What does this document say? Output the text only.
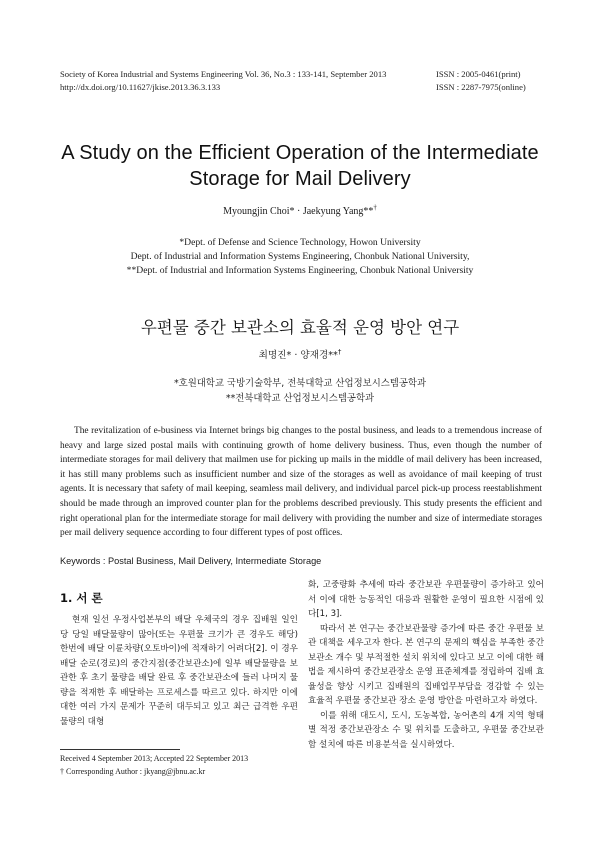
Society of Korea Industrial and Systems Engineering Vol. 36, No.3 : 133-141, September 2013
http://dx.doi.org/10.11627/jkise.2013.36.3.133
ISSN : 2005-0461(print)
ISSN : 2287-7975(online)
A Study on the Efficient Operation of the Intermediate
Storage for Mail Delivery
Myoungjin Choi* · Jaekyung Yang**†
*Dept. of Defense and Science Technology, Howon University
Dept. of Industrial and Information Systems Engineering, Chonbuk National University,
**Dept. of Industrial and Information Systems Engineering, Chonbuk National University
우편물 중간 보관소의 효율적 운영 방안 연구
최명진* · 양재경**†
*호원대학교 국방기술학부, 전북대학교 산업정보시스템공학과
**전북대학교 산업정보시스템공학과

The revitalization of e-business via Internet brings big changes to the postal business, and leads to a tremendous increase of heavy and large sized postal mails with continuing growth of home delivery business. Thus, even though the number of intermediate storages for mail delivery that mailmen use for picking up mails in the middle of mail delivery has been increased, it has still many problems such as insufficient number and size of the storages as well as avoidance of mail keeping of trust agents. It is necessary that safety of mail keeping, seamless mail delivery, and individual parcel pick-up process reestablishment should be made through an improved counter plan for the problems described previously. This study presents the efficient and right operational plan for the intermediate storage for mail delivery with providing the number and size of intermediate storages per mail delivery sequence according to four different types of post offices.

Keywords : Postal Business, Mail Delivery, Intermediate Storage
1. 서 론

현재 일선 우정사업본부의 배달 우체국의 경우 집배원 일인당 당일 배달물량이 많아(또는 우편물 크기가 큰 경우도 해당) 한번에 배달 이륜차량(오토바이)에 적재하기 어려다[2]. 이 경우 배달 순로(경로)의 중간지점(중간보관소)에 일부 배달물량을 보관한 후 초기 물량을 배달 완료 후 중간보관소에 들러 나머지 물량을 적재한 후 배달하는 프로세스를 따르고 있다. 하지만 이에 대한 여러 가지 문제가 꾸준히 대두되고 있고 최근 급격한 우편물량의 대형

화, 고중량화 추세에 따라 중간보관 우편물량이 증가하고 있어서 이에 대한 능동적인 대응과 원활한 운영이 필요한 시점에 있다[1, 3].

따라서 본 연구는 중간보관물량 증가에 따른 중간 우편물 보관 대책을 세우고자 한다. 본 연구의 문제의 핵심을 부족한 중간보관소 개수 및 부적절한 설치 위치에 있다고 보고 이에 대한 해법을 제시하여 중간보관장소 운영 표준체계를 정립하여 집배 효율성을 향상 시키고 집배원의 집배업무부담을 경감할 수 있는 효율적 우편물 중간보관 장소 운영 방안을 마련하고자 하였다.

이를 위해 대도시, 도시, 도농복합, 농어촌의 4개 지역 형태 별 적정 중간보관장소 수 및 위치를 도출하고, 우편물 중간보관함 설치에 따른 비용분석을 실시하였다.

Received 4 September 2013; Accepted 22 September 2013
† Corresponding Author : jkyang@jbnu.ac.kr
